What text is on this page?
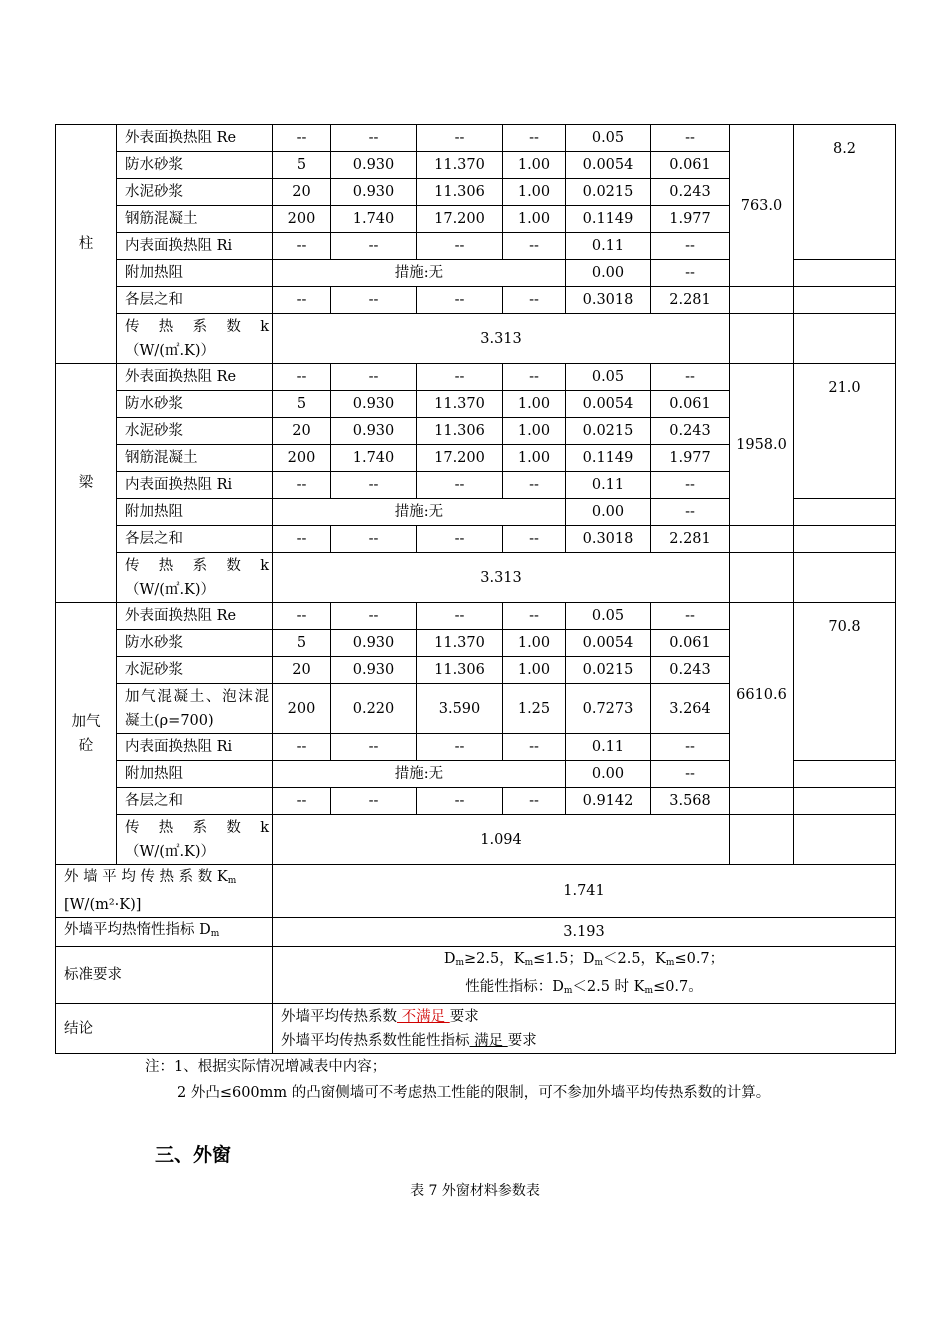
柱	外表面换热阻 Re	--	--	--	--	0.05	--	763.0	8.2
	防水砂浆	5	0.930	11.370	1.00	0.0054	0.061		
	水泥砂浆	20	0.930	11.306	1.00	0.0215	0.243		
	钢筋混凝土	200	1.740	17.200	1.00	0.1149	1.977		
	内表面换热阻 Ri	--	--	--	--	0.11	--		
	附加热阻	措施:无				0.00	--		
	各层之和	--	--	--	--	0.3018	2.281		
	传 热 系 数 k（W/(㎡.K)）	3.313							
梁	外表面换热阻 Re	--	--	--	--	0.05	--	1958.0	21.0
	防水砂浆	5	0.930	11.370	1.00	0.0054	0.061		
	水泥砂浆	20	0.930	11.306	1.00	0.0215	0.243		
	钢筋混凝土	200	1.740	17.200	1.00	0.1149	1.977		
	内表面换热阻 Ri	--	--	--	--	0.11	--		
	附加热阻	措施:无				0.00	--		
	各层之和	--	--	--	--	0.3018	2.281		
	传 热 系 数 k（W/(㎡.K)）	3.313							
加气砼	外表面换热阻 Re	--	--	--	--	0.05	--	6610.6	70.8
	防水砂浆	5	0.930	11.370	1.00	0.0054	0.061		
	水泥砂浆	20	0.930	11.306	1.00	0.0215	0.243		
	加气混凝土、泡沫混凝土(ρ=700)	200	0.220	3.590	1.25	0.7273	3.264		
	内表面换热阻 Ri	--	--	--	--	0.11	--		
	附加热阻	措施:无				0.00	--		
	各层之和	--	--	--	--	0.9142	3.568		
	传 热 系 数 k（W/(㎡.K)）	1.094							
外 墙 平 均 传 热 系 数 $K_m$
[W/(m²·K)]		1.741							
外墙平均热惰性指标 $D_m$		3.193							
标准要求		$D_m\ge 2.5$，$K_m\le 1.5$；$D_m<2.5$，$K_m\le 0.7$；
性能性指标：$D_m<2.5$ 时 $K_m\le 0.7$。							
结论		外墙平均传热系数 不满足 要求
外墙平均传热系数性能性指标 满足 要求							

注：1、根据实际情况增减表中内容；

2 外凸≤600mm 的凸窗侧墙可不考虑热工性能的限制，可不参加外墙平均传热系数的计算。

三、外窗
表 7 外窗材料参数表
